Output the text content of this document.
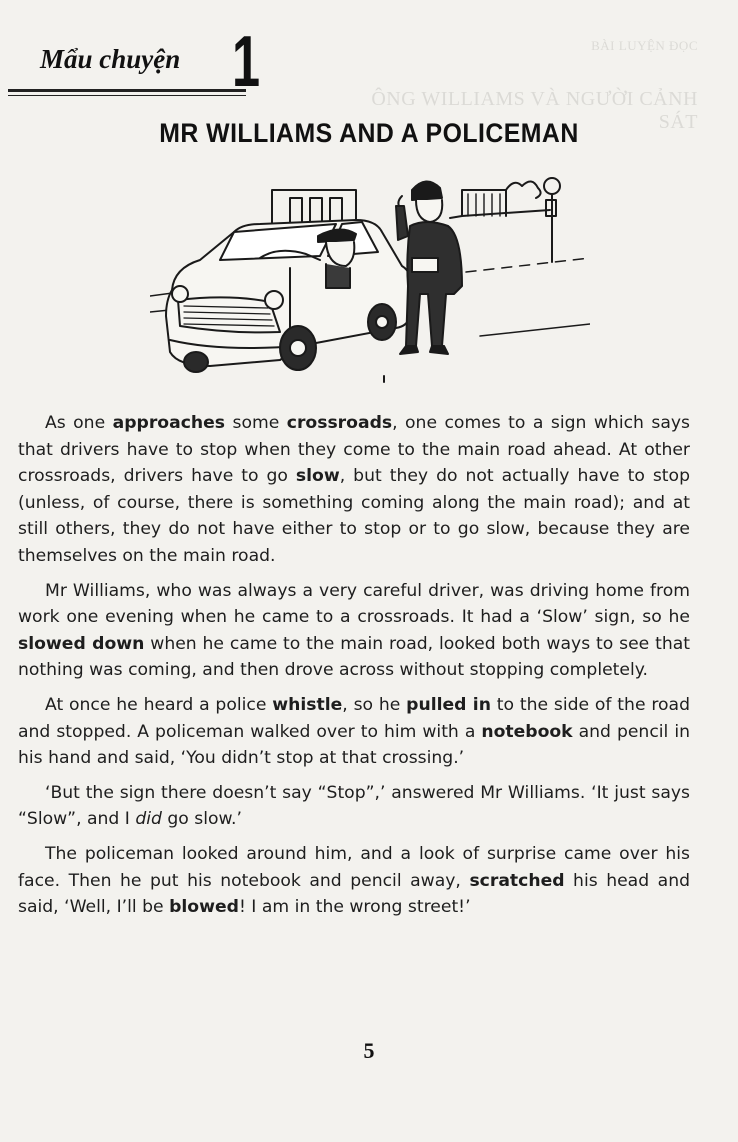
BÀI LUYỆN ĐỌC
ÔNG WILLIAMS VÀ NGƯỜI CẢNH SÁT
Mẩu chuyện 1
MR WILLIAMS AND A POLICEMAN

As one approaches some crossroads, one comes to a sign which says that drivers have to stop when they come to the main road ahead. At other crossroads, drivers have to go slow, but they do not actually have to stop (unless, of course, there is something coming along the main road); and at still others, they do not have either to stop or to go slow, because they are themselves on the main road.

Mr Williams, who was always a very careful driver, was driving home from work one evening when he came to a crossroads. It had a ‘Slow’ sign, so he slowed down when he came to the main road, looked both ways to see that nothing was coming, and then drove across without stopping completely.

At once he heard a police whistle, so he pulled in to the side of the road and stopped. A policeman walked over to him with a notebook and pencil in his hand and said, ‘You didn’t stop at that crossing.’

‘But the sign there doesn’t say “Stop”,’ answered Mr Williams. ‘It just says “Slow”, and I did go slow.’

The policeman looked around him, and a look of surprise came over his face. Then he put his notebook and pencil away, scratched his head and said, ‘Well, I’ll be blowed! I am in the wrong street!’

5
